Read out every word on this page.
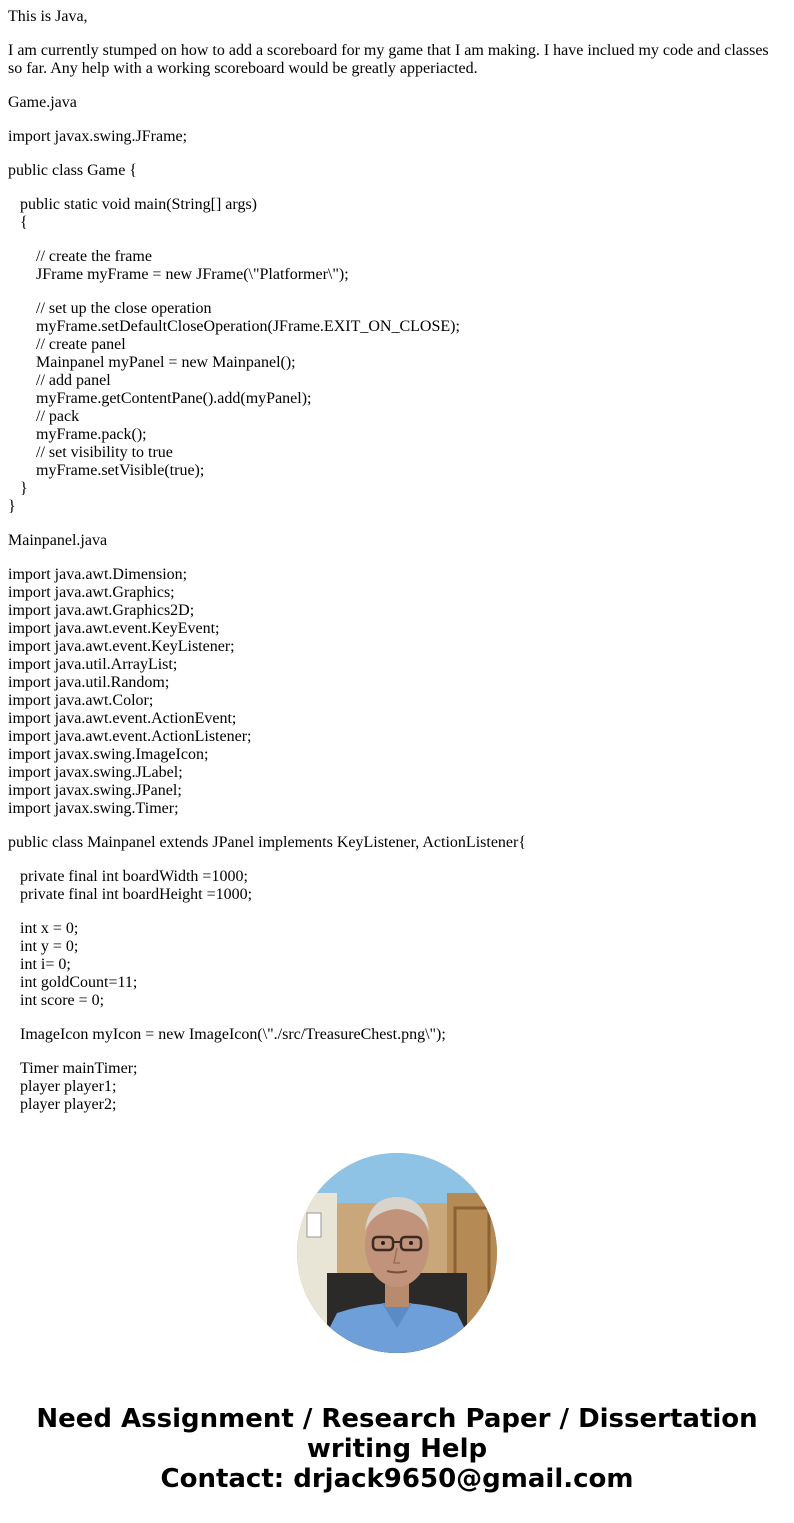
This is Java,
I am currently stumped on how to add a scoreboard for my game that I am making. I have inclued my code and classes so far. Any help with a working scoreboard would be greatly apperiacted.
Game.java
import javax.swing.JFrame;
public class Game {
public static void main(String[] args)
{
// create the frame
JFrame myFrame = new JFrame(\"Platformer\");
// set up the close operation
myFrame.setDefaultCloseOperation(JFrame.EXIT_ON_CLOSE);
// create panel
Mainpanel myPanel = new Mainpanel();
// add panel
myFrame.getContentPane().add(myPanel);
// pack
myFrame.pack();
// set visibility to true
myFrame.setVisible(true);
}
}
Mainpanel.java
import java.awt.Dimension;
import java.awt.Graphics;
import java.awt.Graphics2D;
import java.awt.event.KeyEvent;
import java.awt.event.KeyListener;
import java.util.ArrayList;
import java.util.Random;
import java.awt.Color;
import java.awt.event.ActionEvent;
import java.awt.event.ActionListener;
import javax.swing.ImageIcon;
import javax.swing.JLabel;
import javax.swing.JPanel;
import javax.swing.Timer;
public class Mainpanel extends JPanel implements KeyListener, ActionListener{
private final int boardWidth =1000;
private final int boardHeight =1000;
int x = 0;
int y = 0;
int i= 0;
int goldCount=11;
int score = 0;
ImageIcon myIcon = new ImageIcon(\"./src/TreasureChest.png\");
Timer mainTimer;
player player1;
player player2;
Need Assignment / Research Paper / Dissertation
writing Help
Contact: drjack9650@gmail.com
